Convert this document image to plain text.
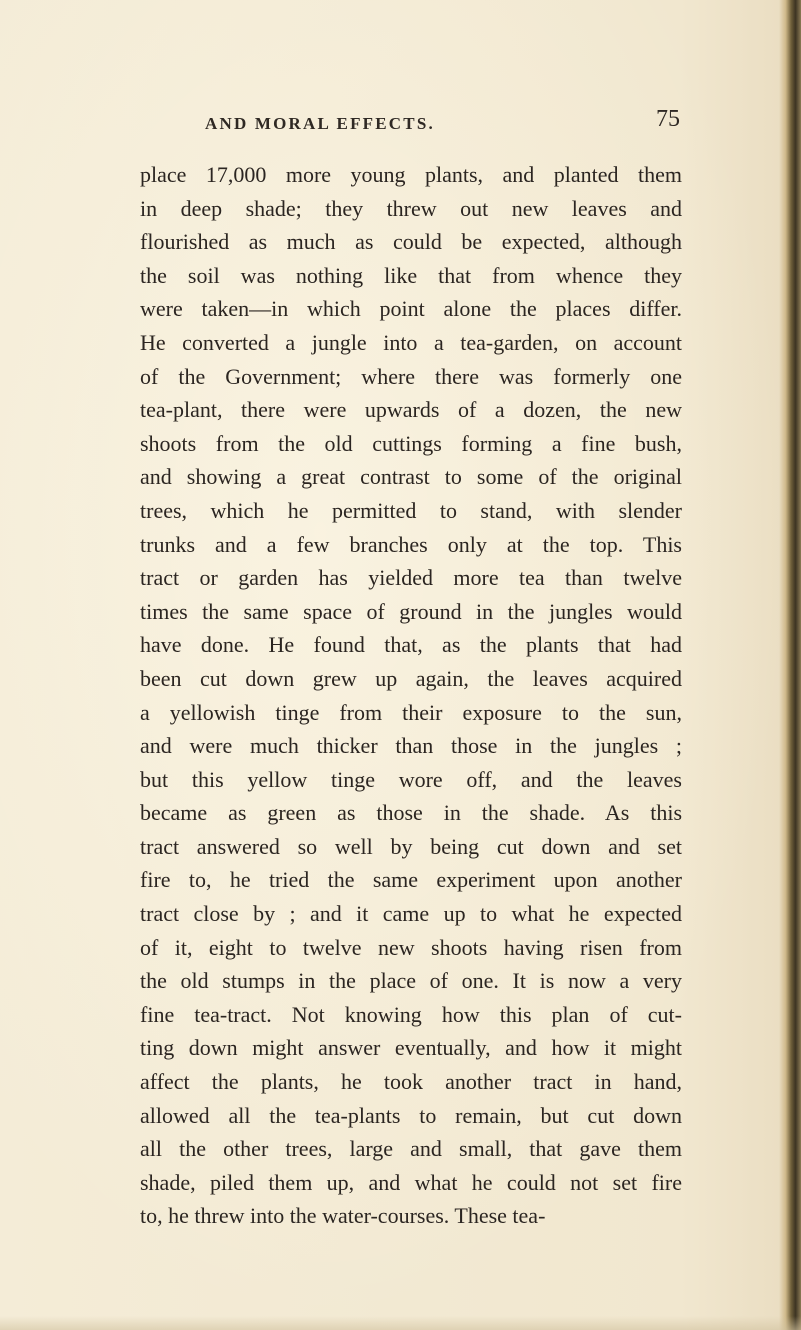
AND MORAL EFFECTS.	75
place 17,000 more young plants, and planted them
in deep shade; they threw out new leaves and
flourished as much as could be expected, although
the soil was nothing like that from whence they
were taken—in which point alone the places differ.
He converted a jungle into a tea-garden, on account
of the Government; where there was formerly one
tea-plant, there were upwards of a dozen, the new
shoots from the old cuttings forming a fine bush,
and showing a great contrast to some of the original
trees, which he permitted to stand, with slender
trunks and a few branches only at the top. This
tract or garden has yielded more tea than twelve
times the same space of ground in the jungles would
have done. He found that, as the plants that had
been cut down grew up again, the leaves acquired
a yellowish tinge from their exposure to the sun,
and were much thicker than those in the jungles ;
but this yellow tinge wore off, and the leaves
became as green as those in the shade. As this
tract answered so well by being cut down and set
fire to, he tried the same experiment upon another
tract close by ; and it came up to what he expected
of it, eight to twelve new shoots having risen from
the old stumps in the place of one. It is now a very
fine tea-tract. Not knowing how this plan of cut-
ting down might answer eventually, and how it might
affect the plants, he took another tract in hand,
allowed all the tea-plants to remain, but cut down
all the other trees, large and small, that gave them
shade, piled them up, and what he could not set fire
to, he threw into the water-courses. These tea-
